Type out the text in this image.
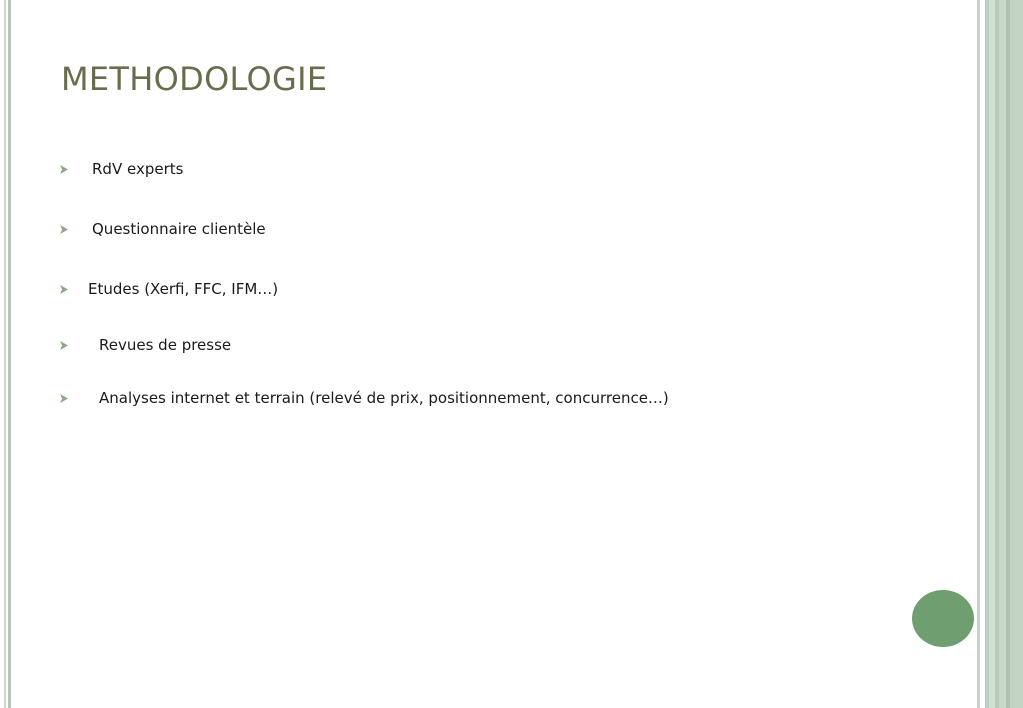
METHODOLOGIE
RdV experts
Questionnaire clientèle
Etudes (Xerfi, FFC, IFM…)
Revues de presse
Analyses internet et terrain (relevé de prix, positionnement, concurrence…)
